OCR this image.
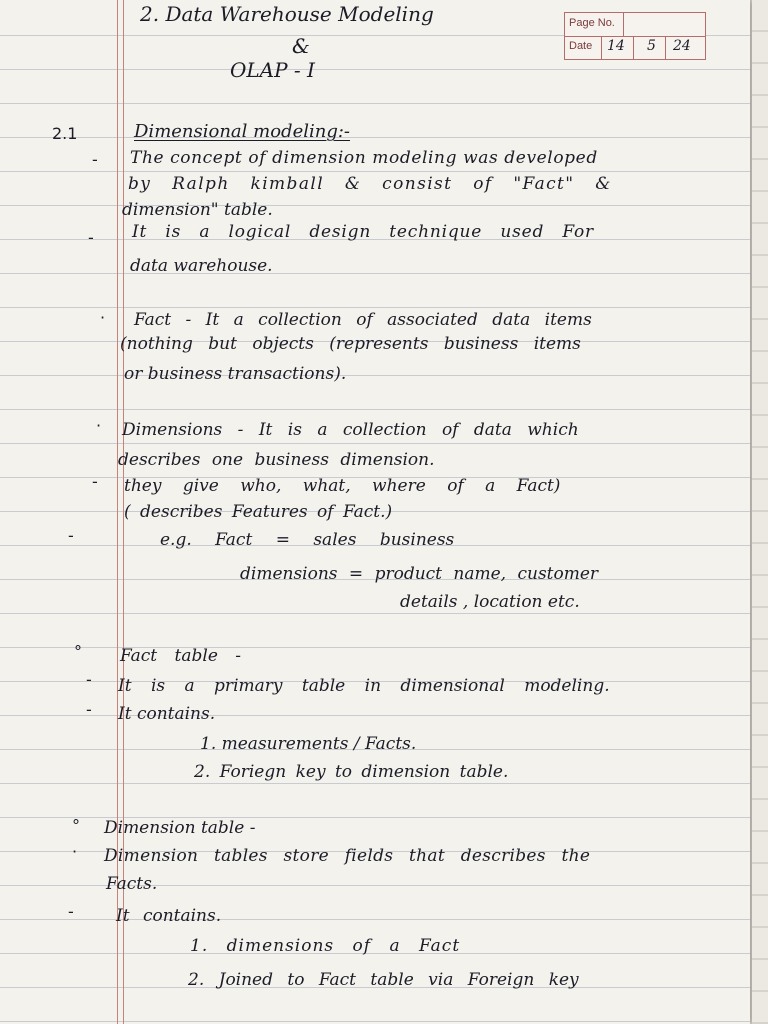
2. Data Warehouse Modeling
&
OLAP - I
Page No.
Date 14 5 24
2.1
-
-
·
·
-
-
°
-
-
°
·
-
Dimensional modeling:-
The concept of dimension modeling was developed
by Ralph kimball & consist of "Fact" &
dimension" table.
It is a logical design technique used For
data warehouse.
Fact - It a collection of associated data items
(nothing but objects (represents business items
or business transactions).
Dimensions - It is a collection of data which
describes one business dimension.
they give who, what, where of a Fact)
( describes Features of Fact.)
e.g. Fact = sales business
dimensions = product name, customer
details , location etc.
Fact table -
It is a primary table in dimensional modeling.
It contains.
1. measurements / Facts.
2. Foriegn key to dimension table.
Dimension table -
Dimension tables store fields that describes the
Facts.
It contains.
1. dimensions of a Fact
2. Joined to Fact table via Foreign key
